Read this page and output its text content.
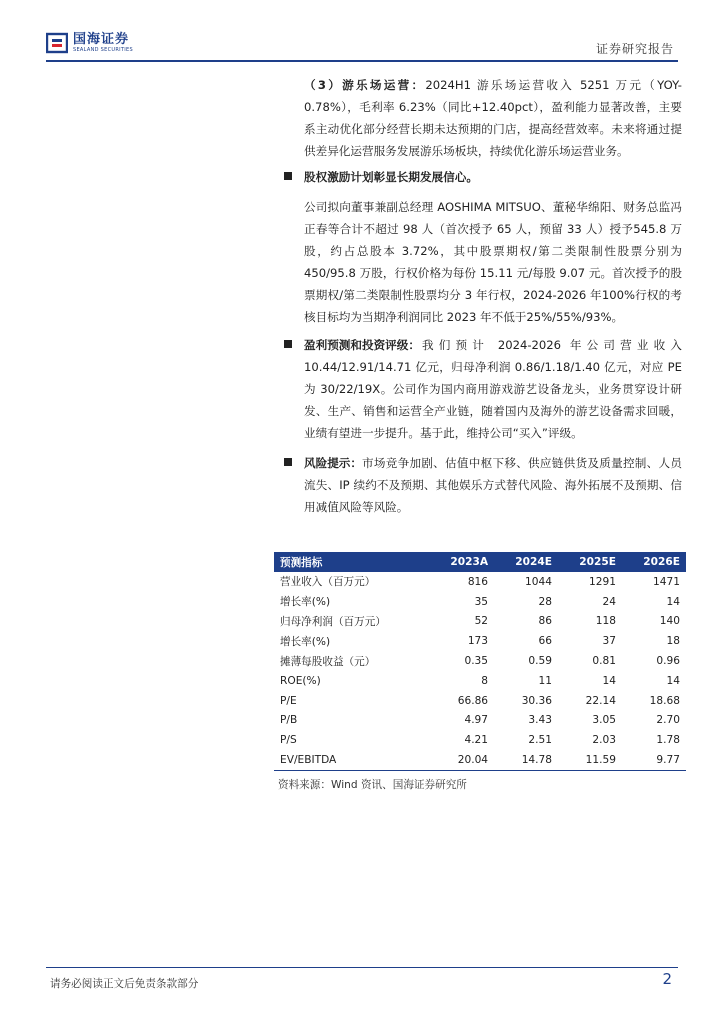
国海证券
SEALAND SECURITIES	证券研究报告

（3）游乐场运营：2024H1 游乐场运营收入 5251 万元（YOY-0.78%），毛利率 6.23%（同比+12.40pct），盈利能力显著改善，主要系主动优化部分经营长期未达预期的门店，提高经营效率。未来将通过提供差异化运营服务发展游乐场板块，持续优化游乐场运营业务。

股权激励计划彰显长期发展信心。

公司拟向董事兼副总经理 AOSHIMA MITSUO、董秘华绵阳、财务总监冯正春等合计不超过 98 人（首次授予 65 人，预留 33 人）授予545.8 万股，约占总股本 3.72%，其中股票期权/第二类限制性股票分别为 450/95.8 万股，行权价格为每份 15.11 元/每股 9.07 元。首次授予的股票期权/第二类限制性股票均分 3 年行权，2024-2026 年100%行权的考核目标均为当期净利润同比 2023 年不低于25%/55%/93%。

盈利预测和投资评级： 我们预计 2024-2026 年公司营业收入10.44/12.91/14.71 亿元，归母净利润 0.86/1.18/1.40 亿元，对应 PE为 30/22/19X。公司作为国内商用游戏游艺设备龙头，业务贯穿设计研发、生产、销售和运营全产业链，随着国内及海外的游艺设备需求回暖，业绩有望进一步提升。基于此，维持公司“买入”评级。

风险提示： 市场竞争加剧、估值中枢下移、供应链供货及质量控制、人员流失、IP 续约不及预期、其他娱乐方式替代风险、海外拓展不及预期、信用减值风险等风险。

预测指标	2023A	2024E	2025E	2026E
营业收入（百万元）	816	1044	1291	1471
增长率(%)	35	28	24	14
归母净利润（百万元）	52	86	118	140
增长率(%)	173	66	37	18
摊薄每股收益（元）	0.35	0.59	0.81	0.96
ROE(%)	8	11	14	14
P/E	66.86	30.36	22.14	18.68
P/B	4.97	3.43	3.05	2.70
P/S	4.21	2.51	2.03	1.78
EV/EBITDA	20.04	14.78	11.59	9.77
资料来源：Wind 资讯、国海证券研究所
请务必阅读正文后免责条款部分	2
